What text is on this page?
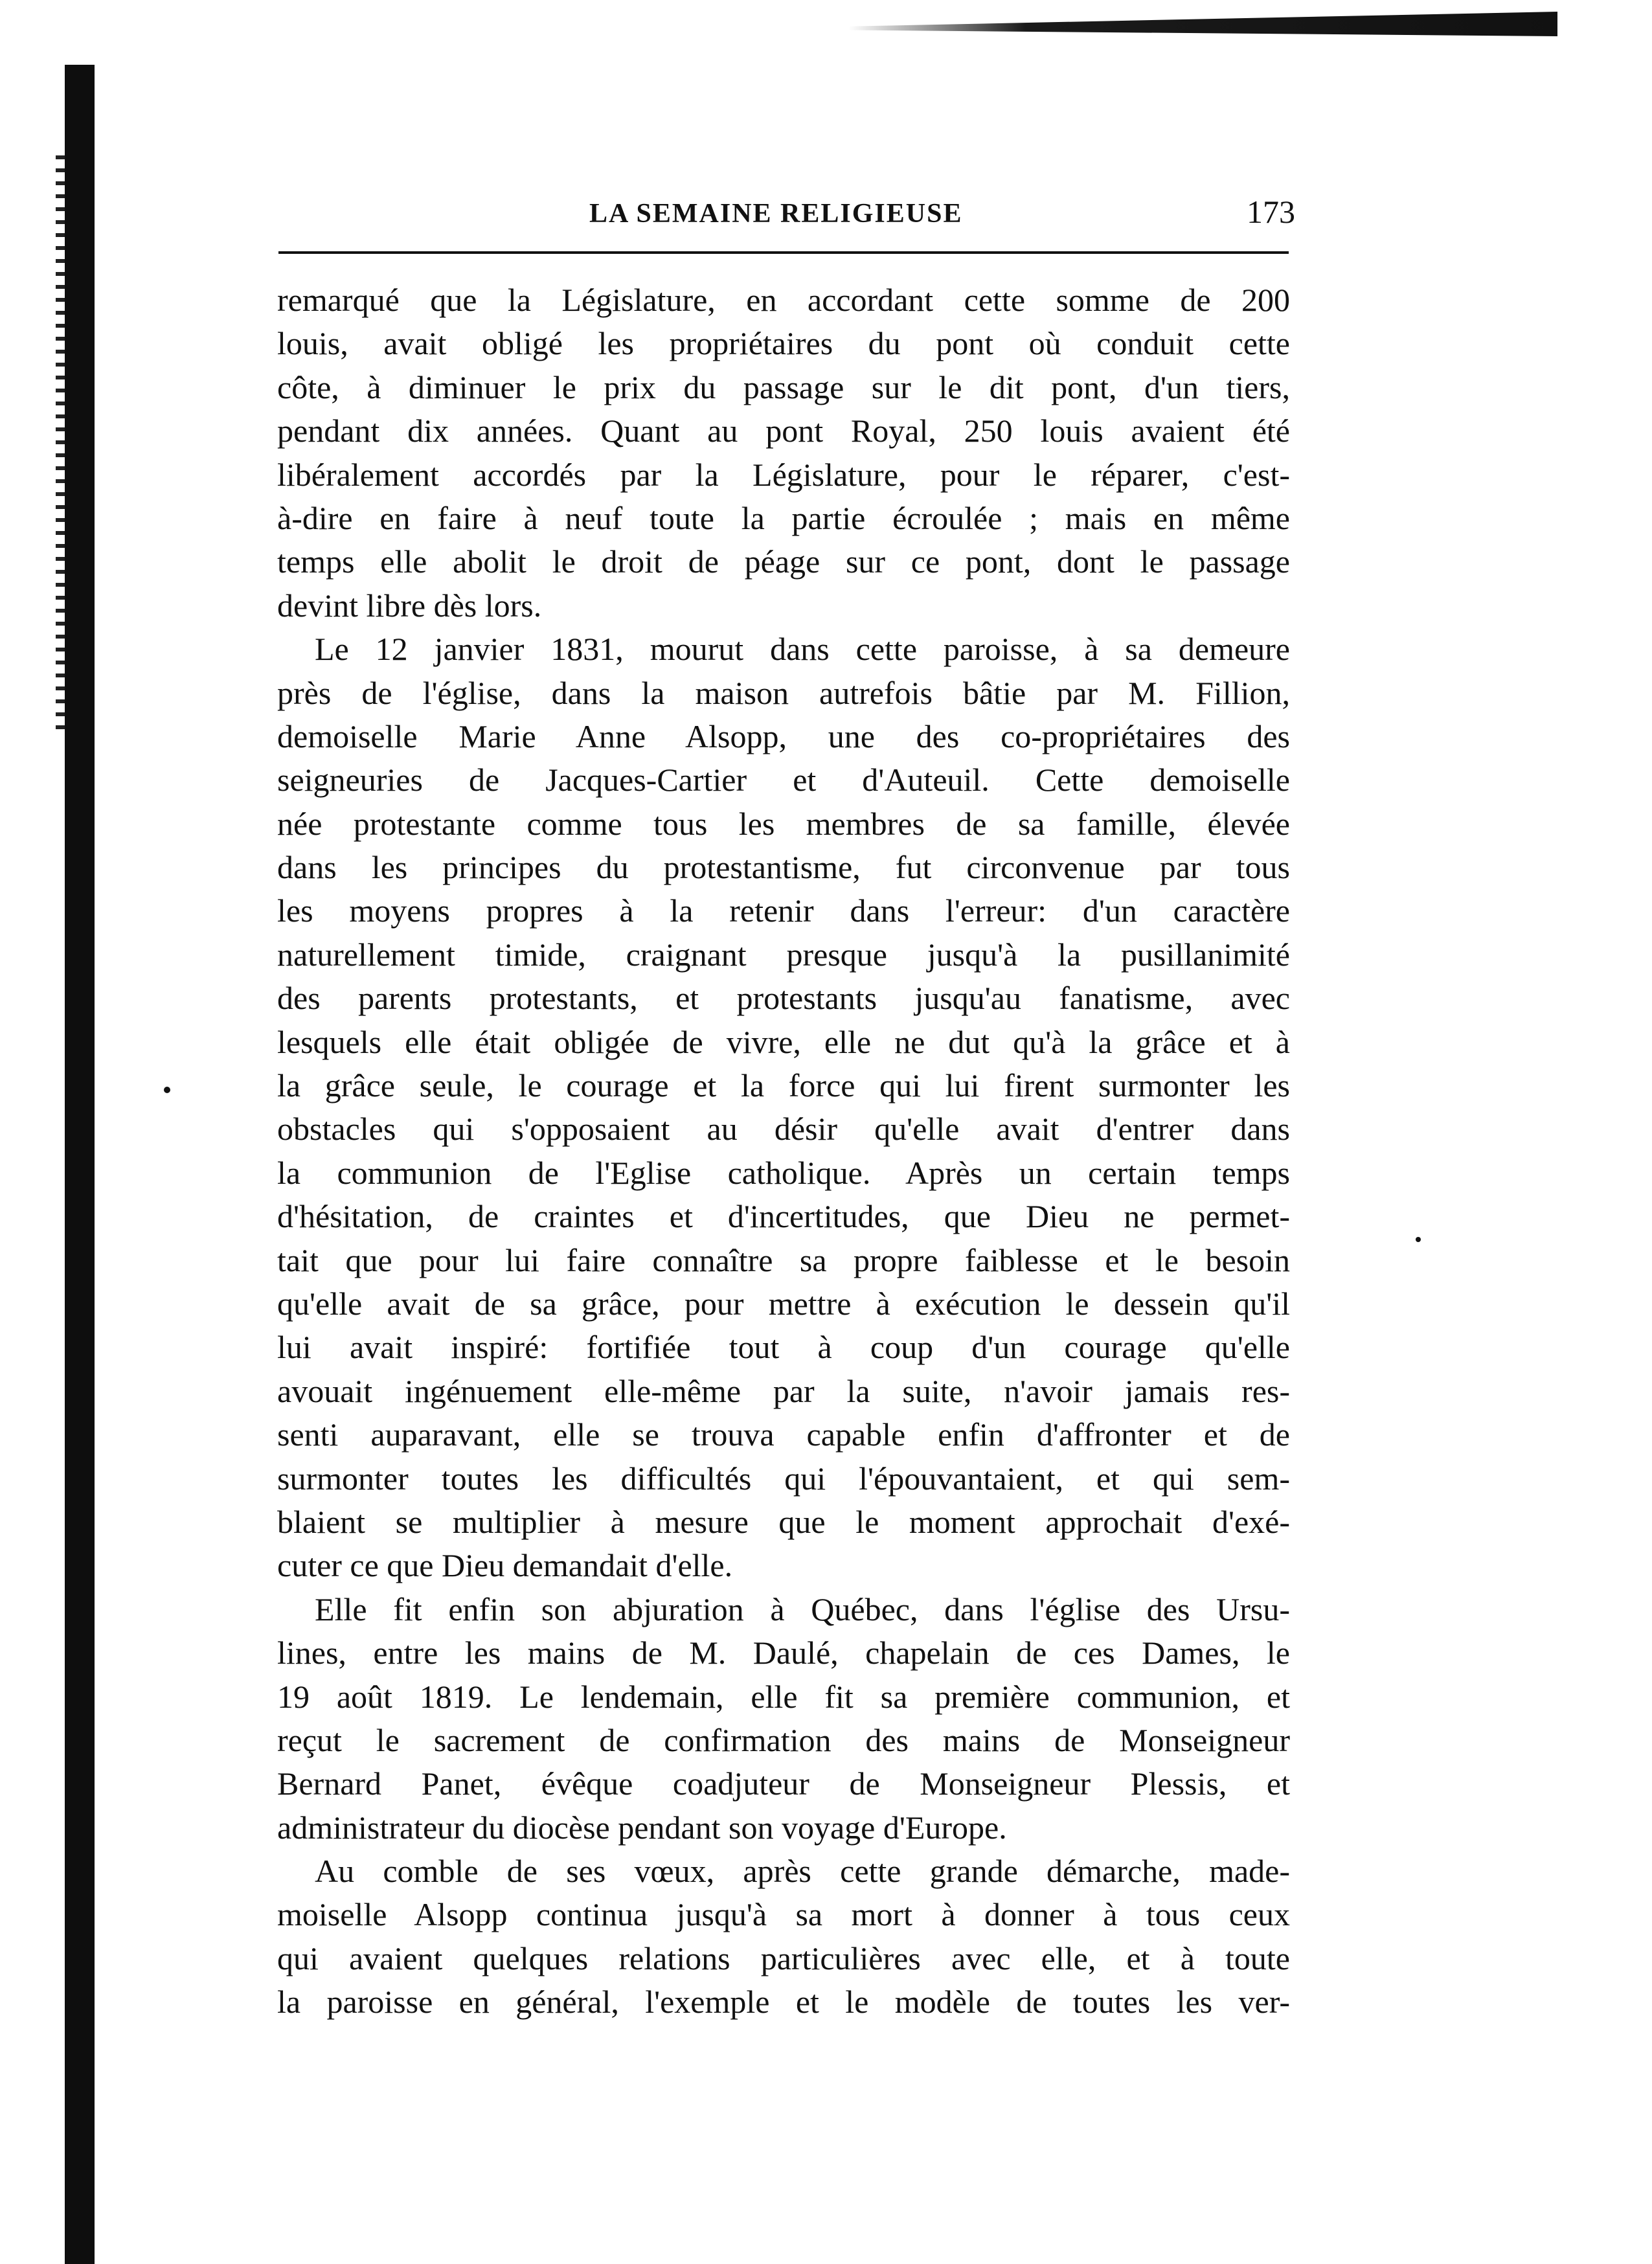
LA SEMAINE RELIGIEUSE	173

remarqué que la Législature, en accordant cette somme de 200
louis, avait obligé les propriétaires du pont où conduit cette
côte, à diminuer le prix du passage sur le dit pont, d'un tiers,
pendant dix années. Quant au pont Royal, 250 louis avaient été
libéralement accordés par la Législature, pour le réparer, c'est-
à-dire en faire à neuf toute la partie écroulée ; mais en même
temps elle abolit le droit de péage sur ce pont, dont le passage
devint libre dès lors.

Le 12 janvier 1831, mourut dans cette paroisse, à sa demeure
près de l'église, dans la maison autrefois bâtie par M. Fillion,
demoiselle Marie Anne Alsopp, une des co-propriétaires des
seigneuries de Jacques-Cartier et d'Auteuil. Cette demoiselle
née protestante comme tous les membres de sa famille, élevée
dans les principes du protestantisme, fut circonvenue par tous
les moyens propres à la retenir dans l'erreur: d'un caractère
naturellement timide, craignant presque jusqu'à la pusillanimité
des parents protestants, et protestants jusqu'au fanatisme, avec
lesquels elle était obligée de vivre, elle ne dut qu'à la grâce et à
la grâce seule, le courage et la force qui lui firent surmonter les
obstacles qui s'opposaient au désir qu'elle avait d'entrer dans
la communion de l'Eglise catholique. Après un certain temps
d'hésitation, de craintes et d'incertitudes, que Dieu ne permet-
tait que pour lui faire connaître sa propre faiblesse et le besoin
qu'elle avait de sa grâce, pour mettre à exécution le dessein qu'il
lui avait inspiré: fortifiée tout à coup d'un courage qu'elle
avouait ingénuement elle-même par la suite, n'avoir jamais res-
senti auparavant, elle se trouva capable enfin d'affronter et de
surmonter toutes les difficultés qui l'épouvantaient, et qui sem-
blaient se multiplier à mesure que le moment approchait d'exé-
cuter ce que Dieu demandait d'elle.

Elle fit enfin son abjuration à Québec, dans l'église des Ursu-
lines, entre les mains de M. Daulé, chapelain de ces Dames, le
19 août 1819. Le lendemain, elle fit sa première communion, et
reçut le sacrement de confirmation des mains de Monseigneur
Bernard Panet, évêque coadjuteur de Monseigneur Plessis, et
administrateur du diocèse pendant son voyage d'Europe.

Au comble de ses vœux, après cette grande démarche, made-
moiselle Alsopp continua jusqu'à sa mort à donner à tous ceux
qui avaient quelques relations particulières avec elle, et à toute
la paroisse en général, l'exemple et le modèle de toutes les ver-
